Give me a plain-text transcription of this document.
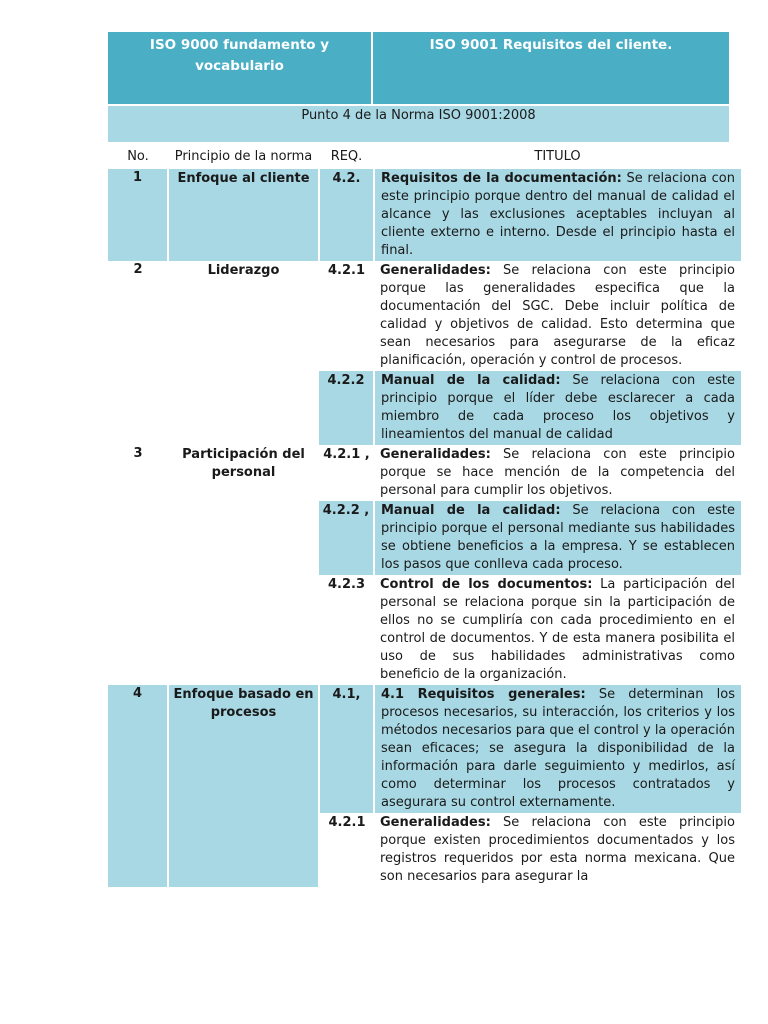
ISO 9000 fundamento y vocabulario
ISO 9001 Requisitos del cliente.
Punto 4 de la Norma ISO 9001:2008
No.	Principio de la norma	REQ.	TITULO
1	Enfoque al cliente	4.2.	Requisitos de la documentación: Se relaciona con este principio porque dentro del manual de calidad el alcance y las exclusiones aceptables incluyan al cliente externo e interno. Desde el principio hasta el final.
2	Liderazgo	4.2.1	Generalidades: Se relaciona con este principio porque las generalidades especifica que la documentación del SGC. Debe incluir política de calidad y objetivos de calidad. Esto determina que sean necesarios para asegurarse de la eficaz planificación, operación y control de procesos.
		4.2.2	Manual de la calidad: Se relaciona con este principio porque el líder debe esclarecer a cada miembro de cada proceso los objetivos y lineamientos del manual de calidad
3	Participación del personal	4.2.1 ,	Generalidades: Se relaciona con este principio porque se hace mención de la competencia del personal para cumplir los objetivos.
		4.2.2 ,	Manual de la calidad: Se relaciona con este principio porque el personal mediante sus habilidades se obtiene beneficios a la empresa. Y se establecen los pasos que conlleva cada proceso.
		4.2.3	Control de los documentos: La participación del personal se relaciona porque sin la participación de ellos no se cumpliría con cada procedimiento en el control de documentos. Y de esta manera posibilita el uso de sus habilidades administrativas como beneficio de la organización.
4	Enfoque basado en procesos	4.1,	4.1 Requisitos generales: Se determinan los procesos necesarios, su interacción, los criterios y los métodos necesarios para que el control y la operación sean eficaces; se asegura la disponibilidad de la información para darle seguimiento y medirlos, así como determinar los procesos contratados y asegurara su control externamente.
		4.2.1	Generalidades: Se relaciona con este principio porque existen procedimientos documentados y los registros requeridos por esta norma mexicana. Que son necesarios para asegurar la
